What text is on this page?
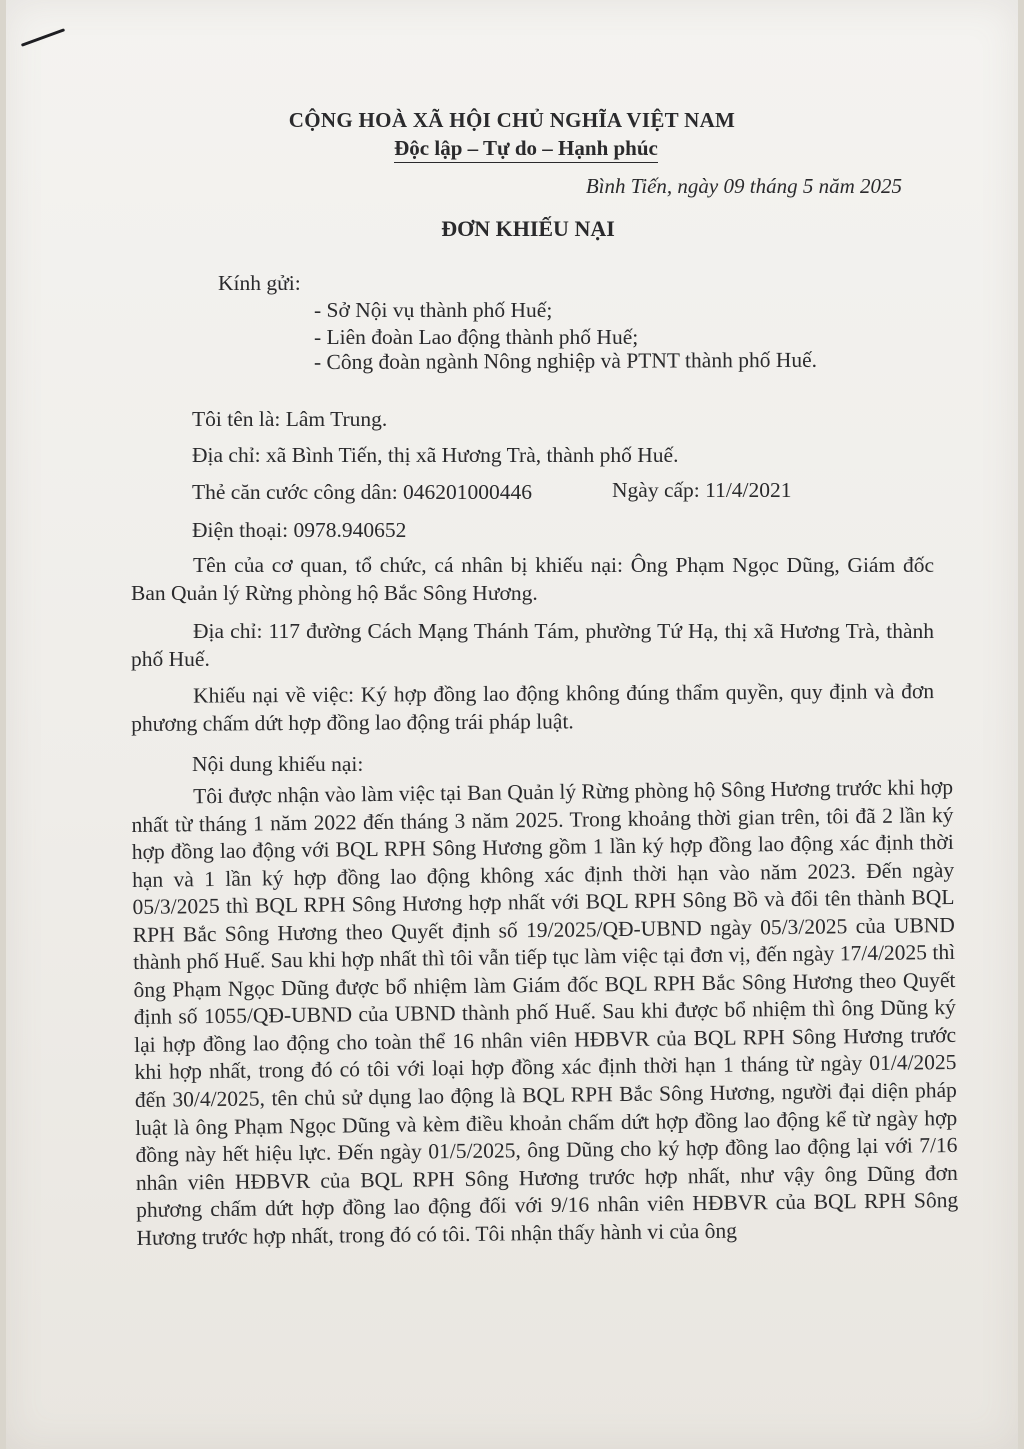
CỘNG HOÀ XÃ HỘI CHỦ NGHĨA VIỆT NAM
Độc lập – Tự do – Hạnh phúc
Bình Tiến, ngày 09 tháng 5 năm 2025
ĐƠN KHIẾU NẠI
Kính gửi:
- Sở Nội vụ thành phố Huế;
- Liên đoàn Lao động thành phố Huế;
- Công đoàn ngành Nông nghiệp và PTNT thành phố Huế.
Tôi tên là: Lâm Trung.
Địa chỉ: xã Bình Tiến, thị xã Hương Trà, thành phố Huế.
Thẻ căn cước công dân: 046201000446	Ngày cấp: 11/4/2021
Điện thoại: 0978.940652
Tên của cơ quan, tổ chức, cá nhân bị khiếu nại: Ông Phạm Ngọc Dũng, Giám đốc Ban Quản lý Rừng phòng hộ Bắc Sông Hương.
Địa chỉ: 117 đường Cách Mạng Thánh Tám, phường Tứ Hạ, thị xã Hương Trà, thành phố Huế.
Khiếu nại về việc: Ký hợp đồng lao động không đúng thẩm quyền, quy định và đơn phương chấm dứt hợp đồng lao động trái pháp luật.
Nội dung khiếu nại:
Tôi được nhận vào làm việc tại Ban Quản lý Rừng phòng hộ Sông Hương trước khi hợp nhất từ tháng 1 năm 2022 đến tháng 3 năm 2025. Trong khoảng thời gian trên, tôi đã 2 lần ký hợp đồng lao động với BQL RPH Sông Hương gồm 1 lần ký hợp đồng lao động xác định thời hạn và 1 lần ký hợp đồng lao động không xác định thời hạn vào năm 2023. Đến ngày 05/3/2025 thì BQL RPH Sông Hương hợp nhất với BQL RPH Sông Bồ và đổi tên thành BQL RPH Bắc Sông Hương theo Quyết định số 19/2025/QĐ-UBND ngày 05/3/2025 của UBND thành phố Huế. Sau khi hợp nhất thì tôi vẫn tiếp tục làm việc tại đơn vị, đến ngày 17/4/2025 thì ông Phạm Ngọc Dũng được bổ nhiệm làm Giám đốc BQL RPH Bắc Sông Hương theo Quyết định số 1055/QĐ-UBND của UBND thành phố Huế. Sau khi được bổ nhiệm thì ông Dũng ký lại hợp đồng lao động cho toàn thể 16 nhân viên HĐBVR của BQL RPH Sông Hương trước khi hợp nhất, trong đó có tôi với loại hợp đồng xác định thời hạn 1 tháng từ ngày 01/4/2025 đến 30/4/2025, tên chủ sử dụng lao động là BQL RPH Bắc Sông Hương, người đại diện pháp luật là ông Phạm Ngọc Dũng và kèm điều khoản chấm dứt hợp đồng lao động kể từ ngày hợp đồng này hết hiệu lực. Đến ngày 01/5/2025, ông Dũng cho ký hợp đồng lao động lại với 7/16 nhân viên HĐBVR của BQL RPH Sông Hương trước hợp nhất, như vậy ông Dũng đơn phương chấm dứt hợp đồng lao động đối với 9/16 nhân viên HĐBVR của BQL RPH Sông Hương trước hợp nhất, trong đó có tôi. Tôi nhận thấy hành vi của ông
